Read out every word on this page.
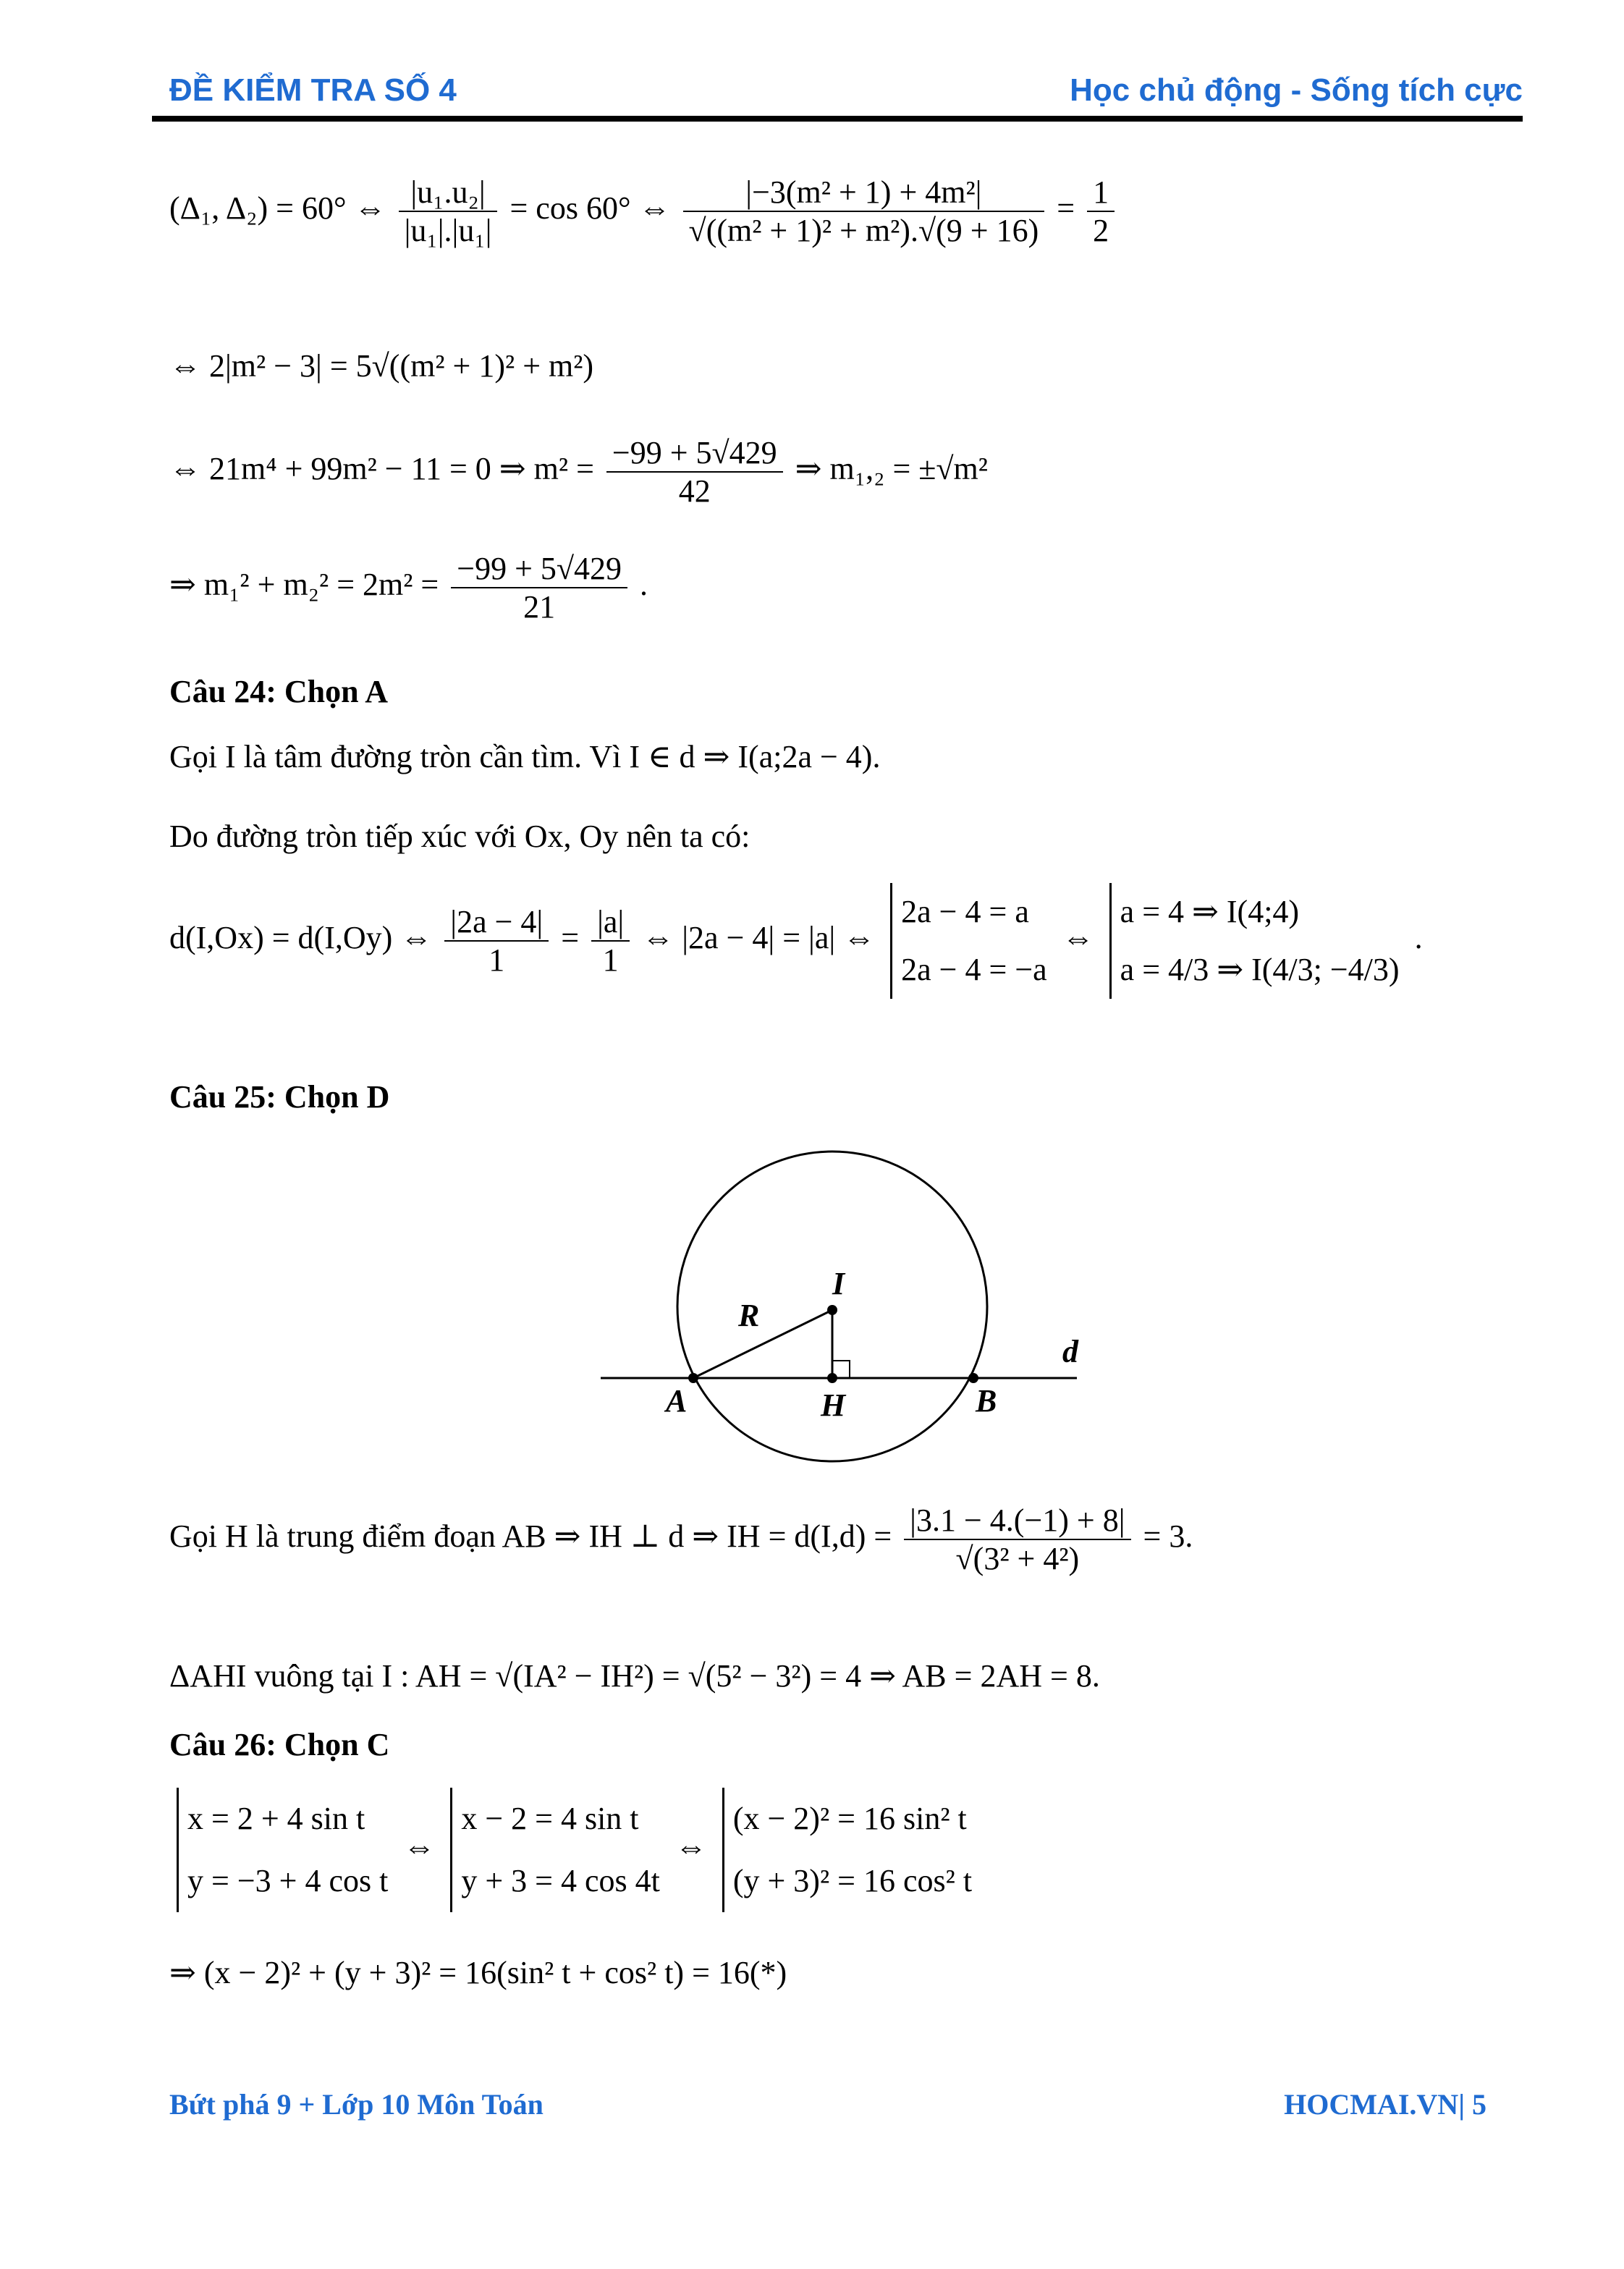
ĐỀ KIỂM TRA SỐ 4	Học chủ động - Sống tích cực
(Δ₁, Δ₂) = 60° ⇔ $\frac{\text{|u₁.u₂|}}{\text{|u₁|.|u₁|}} = \cos 60^\circ$ ⇔ $\frac{\text{|−3(m² + 1) + 4m²|}}{\text{√((m² + 1)² + m²).√(9 + 16)}} = \frac{1}{2}$
⇔ 2|m² − 3| = 5√((m² + 1)² + m²)
⇔ 21m⁴ + 99m² − 11 = 0 ⇒ $m^2 = \frac{-99 + 5√429}{42}$ ⇒ m₁,₂ = ±√m²
⇒ $m_1^2 + m_2^2 = 2m^2 = \frac{-99 + 5√429}{21}$ .
Câu 24: Chọn A
Gọi I là tâm đường tròn cần tìm. Vì I ∈ d ⇒ I(a;2a − 4).
Do đường tròn tiếp xúc với Ox, Oy nên ta có:
d(I,Ox) = d(I,Oy) ⇔ $\frac{|2a - 4|}{1} = \frac{|a|}{1}$ ⇔ |2a − 4| = |a| ⇔
2a − 4 = a
2a − 4 = −a
⇔
a = 4 ⇒ I(4;4)
a = 4/3 ⇒ I(4/3; −4/3)
.
Câu 25: Chọn D
I
R
d
A	H	B
Gọi H là trung điểm đoạn AB ⇒ IH ⊥ d ⇒ IH = $d(I,d) = \frac{|3.1 - 4.(-1) + 8|}{\text{√(3² + 4²)}} = 3$.
ΔAHI vuông tại I : AH = √(IA² − IH²) = √(5² − 3²) = 4 ⇒ AB = 2AH = 8.
Câu 26: Chọn C
x = 2 + 4 sin t
y = −3 + 4 cos t
⇔
x − 2 = 4 sin t
y + 3 = 4 cos 4t
⇔
(x − 2)² = 16 sin² t
(y + 3)² = 16 cos² t
⇒ (x − 2)² + (y + 3)² = 16(sin² t + cos² t) = 16(*)
Bứt phá 9 + Lớp 10 Môn Toán	HOCMAI.VN| 5
